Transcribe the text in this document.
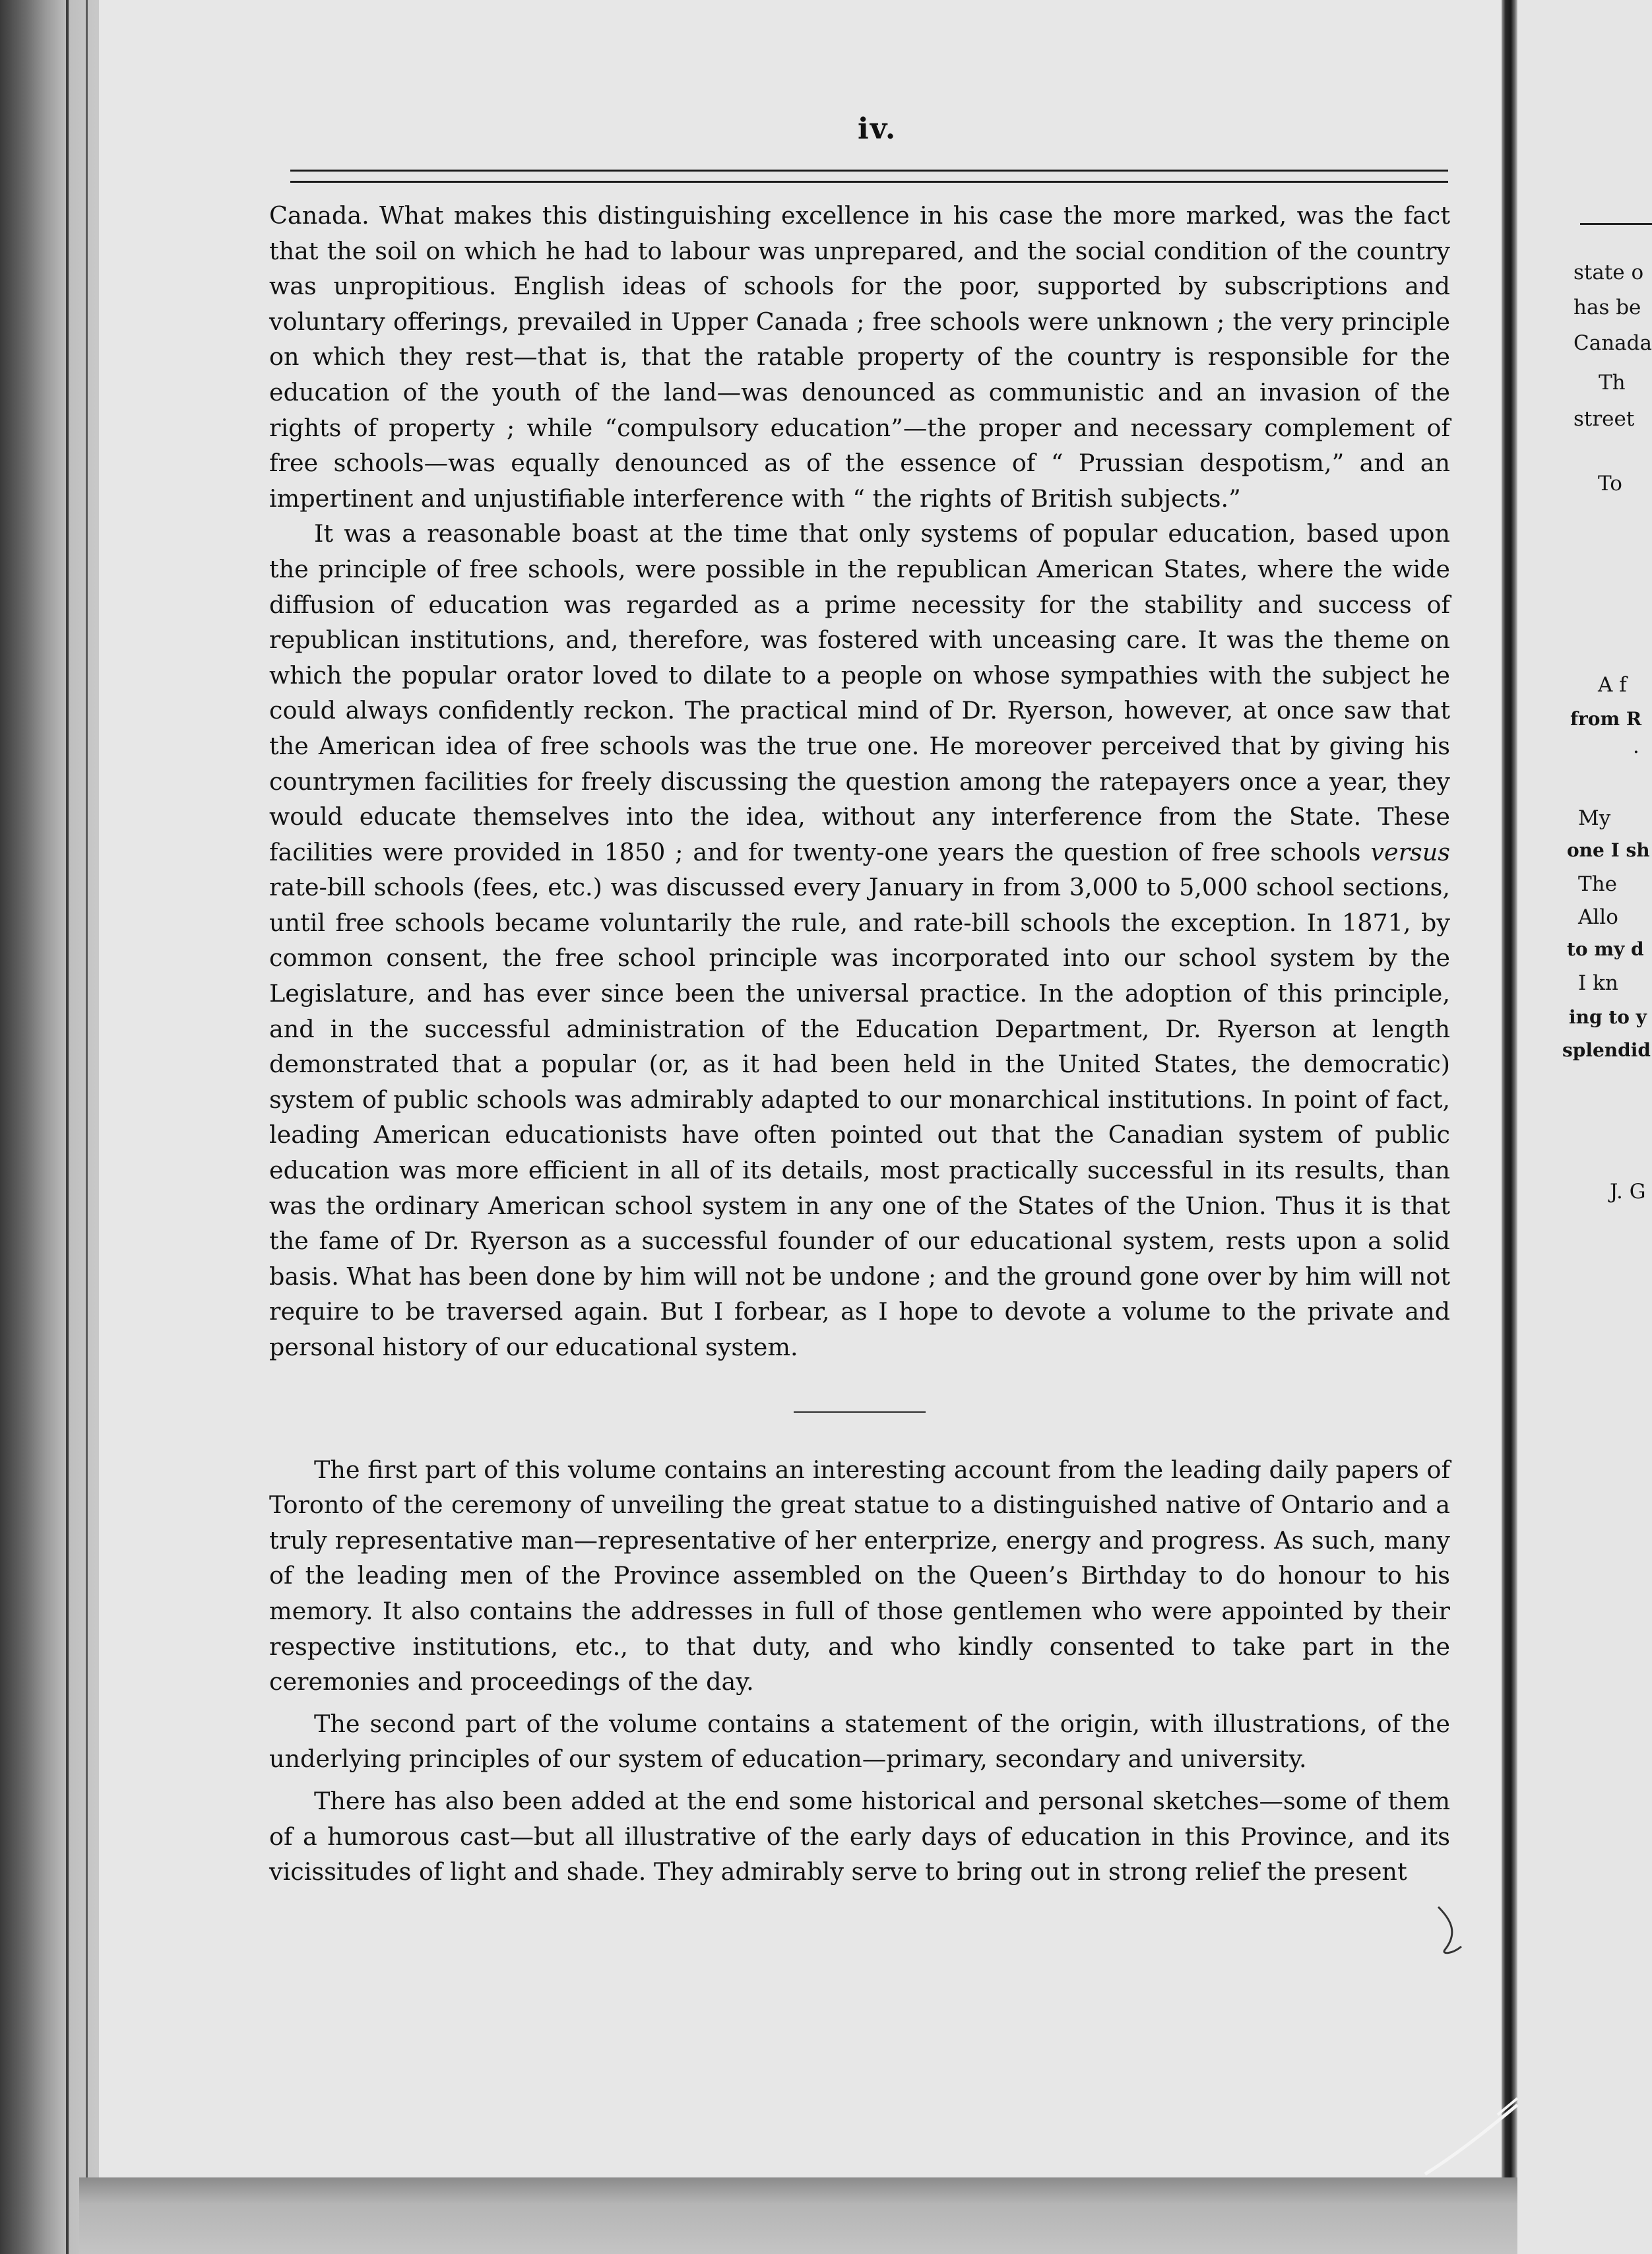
state o
has be
Canada
Th
street
To
A f
from R
·
My
one I sh
The
Allo
to my d
I kn
ing to y
splendid
J. G
iv.

Canada. What makes this distinguishing excellence in his case the more marked, was the fact that the soil on which he had to labour was unprepared, and the social condition of the country was unpropitious. English ideas of schools for the poor, supported by subscriptions and voluntary offerings, prevailed in Upper Canada ; free schools were unknown ; the very principle on which they rest—that is, that the ratable property of the country is responsible for the education of the youth of the land—was denounced as communistic and an invasion of the rights of property ; while “compulsory education”—the proper and necessary complement of free schools—was equally denounced as of the essence of “ Prussian despotism,” and an impertinent and unjustifiable interference with “ the rights of British subjects.”

It was a reasonable boast at the time that only systems of popular education, based upon the principle of free schools, were possible in the republican American States, where the wide diffusion of education was regarded as a prime necessity for the stability and success of republican institutions, and, therefore, was fostered with unceasing care. It was the theme on which the popular orator loved to dilate to a people on whose sympathies with the subject he could always confidently reckon. The practical mind of Dr. Ryerson, however, at once saw that the American idea of free schools was the true one. He moreover perceived that by giving his countrymen facilities for freely discussing the question among the ratepayers once a year, they would educate themselves into the idea, without any interference from the State. These facilities were provided in 1850 ; and for twenty-one years the question of free schools versus rate-bill schools (fees, etc.) was discussed every January in from 3,000 to 5,000 school sections, until free schools became voluntarily the rule, and rate-bill schools the exception. In 1871, by common consent, the free school principle was incorporated into our school system by the Legislature, and has ever since been the universal practice. In the adoption of this principle, and in the successful administration of the Education Department, Dr. Ryerson at length demonstrated that a popular (or, as it had been held in the United States, the democratic) system of public schools was admirably adapted to our monarchical institutions. In point of fact, leading American educationists have often pointed out that the Canadian system of public education was more efficient in all of its details, most practically successful in its results, than was the ordinary American school system in any one of the States of the Union. Thus it is that the fame of Dr. Ryerson as a successful founder of our educational system, rests upon a solid basis. What has been done by him will not be undone ; and the ground gone over by him will not require to be traversed again. But I forbear, as I hope to devote a volume to the private and personal history of our educational system.

The first part of this volume contains an interesting account from the leading daily papers of Toronto of the ceremony of unveiling the great statue to a distinguished native of Ontario and a truly representative man—representative of her enterprize, energy and progress. As such, many of the leading men of the Province assembled on the Queen’s Birthday to do honour to his memory. It also contains the addresses in full of those gentlemen who were appointed by their respective institutions, etc., to that duty, and who kindly consented to take part in the ceremonies and proceedings of the day.

The second part of the volume contains a statement of the origin, with illustrations, of the underlying principles of our system of education—primary, secondary and university.

There has also been added at the end some historical and personal sketches—some of them of a humorous cast—but all illustrative of the early days of education in this Province, and its vicissitudes of light and shade. They admirably serve to bring out in strong relief the present
